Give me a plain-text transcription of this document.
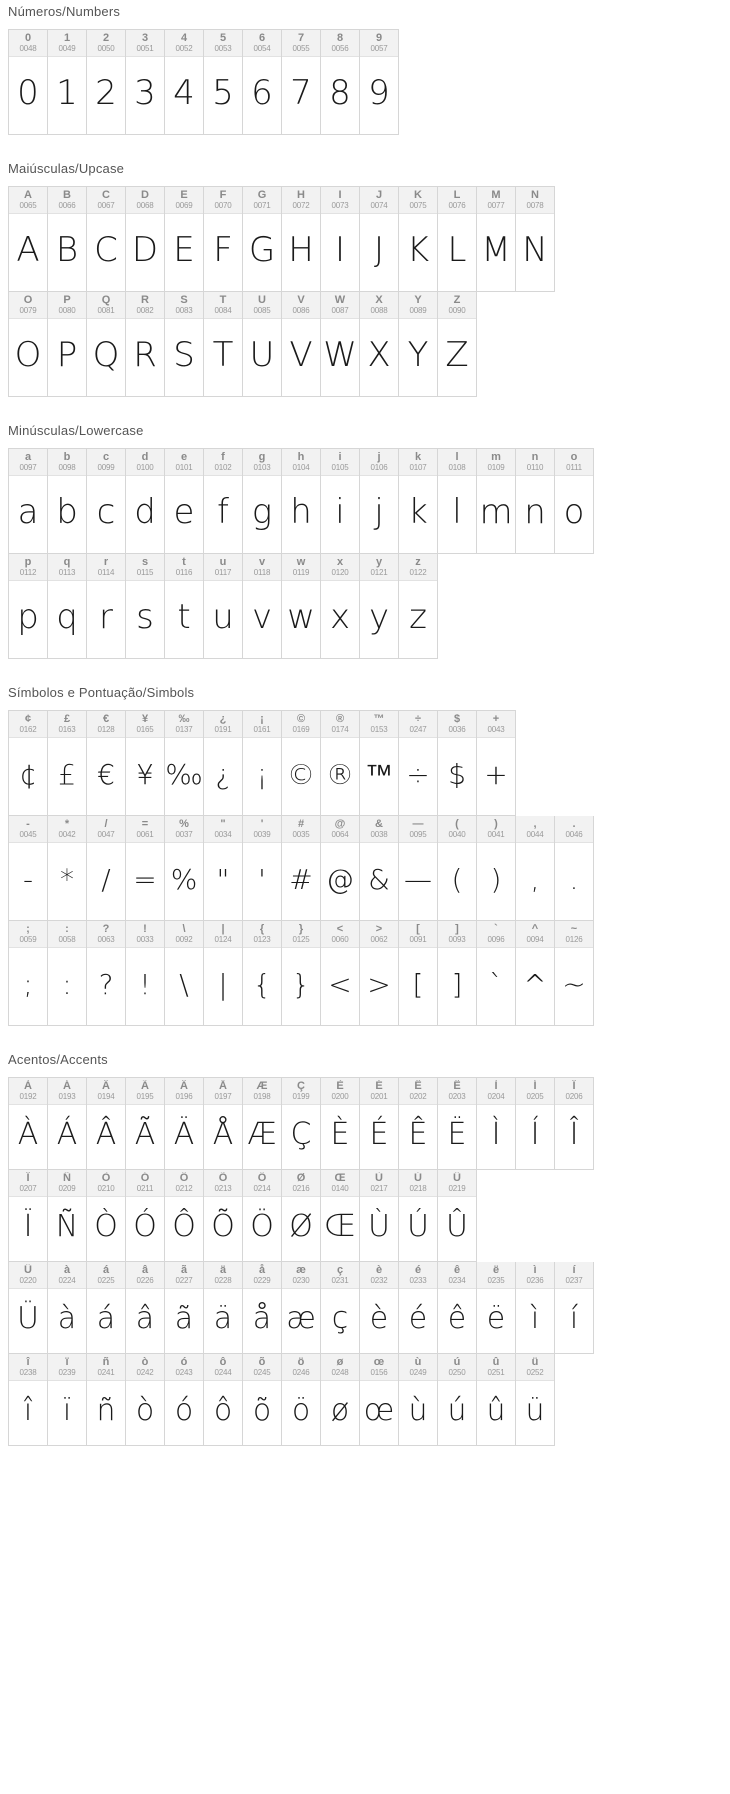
Números/Numbers
0
0048
0
1
0049
1
2
0050
2
3
0051
3
4
0052
4
5
0053
5
6
0054
6
7
0055
7
8
0056
8
9
0057
9
Maiúsculas/Upcase
A
0065
A
B
0066
B
C
0067
C
D
0068
D
E
0069
E
F
0070
F
G
0071
G
H
0072
H
I
0073
I
J
0074
J
K
0075
K
L
0076
L
M
0077
M
N
0078
N
O
0079
O
P
0080
P
Q
0081
Q
R
0082
R
S
0083
S
T
0084
T
U
0085
U
V
0086
V
W
0087
W
X
0088
X
Y
0089
Y
Z
0090
Z
Minúsculas/Lowercase
a
0097
a
b
0098
b
c
0099
c
d
0100
d
e
0101
e
f
0102
f
g
0103
g
h
0104
h
i
0105
i
j
0106
j
k
0107
k
l
0108
l
m
0109
m
n
0110
n
o
0111
o
p
0112
p
q
0113
q
r
0114
r
s
0115
s
t
0116
t
u
0117
u
v
0118
v
w
0119
w
x
0120
x
y
0121
y
z
0122
z
Símbolos e Pontuação/Simbols
¢
0162
¢
£
0163
£
€
0128
€
¥
0165
¥
‰
0137
‰
¿
0191
¿
¡
0161
¡
©
0169
©
®
0174
®
™
0153
™
÷
0247
÷
$
0036
$
+
0043
+
-
0045
-
*
0042
*
/
0047
/
=
0061
=
%
0037
%
"
0034
"
'
0039
'
#
0035
#
@
0064
@
&
0038
&
—
0095
—
(
0040
(
)
0041
)
,
0044
,
.
0046
.
;
0059
;
:
0058
:
?
0063
?
!
0033
!
\
0092
\
|
0124
|
{
0123
{
}
0125
}
<
0060
<
>
0062
>
[
0091
[
]
0093
]
`
0096
`
^
0094
^
~
0126
~
Acentos/Accents
À
0192
À
Á
0193
Á
Â
0194
Â
Ã
0195
Ã
Ä
0196
Ä
Å
0197
Å
Æ
0198
Æ
Ç
0199
Ç
È
0200
È
É
0201
É
Ê
0202
Ê
Ë
0203
Ë
Ì
0204
Ì
Í
0205
Í
Î
0206
Î
Ï
0207
Ï
Ñ
0209
Ñ
Ò
0210
Ò
Ó
0211
Ó
Ô
0212
Ô
Õ
0213
Õ
Ö
0214
Ö
Ø
0216
Ø
Œ
0140
Œ
Ù
0217
Ù
Ú
0218
Ú
Û
0219
Û
Ü
0220
Ü
à
0224
à
á
0225
á
â
0226
â
ã
0227
ã
ä
0228
ä
å
0229
å
æ
0230
æ
ç
0231
ç
è
0232
è
é
0233
é
ê
0234
ê
ë
0235
ë
ì
0236
ì
í
0237
í
î
0238
î
ï
0239
ï
ñ
0241
ñ
ò
0242
ò
ó
0243
ó
ô
0244
ô
õ
0245
õ
ö
0246
ö
ø
0248
ø
œ
0156
œ
ù
0249
ù
ú
0250
ú
û
0251
û
ü
0252
ü
